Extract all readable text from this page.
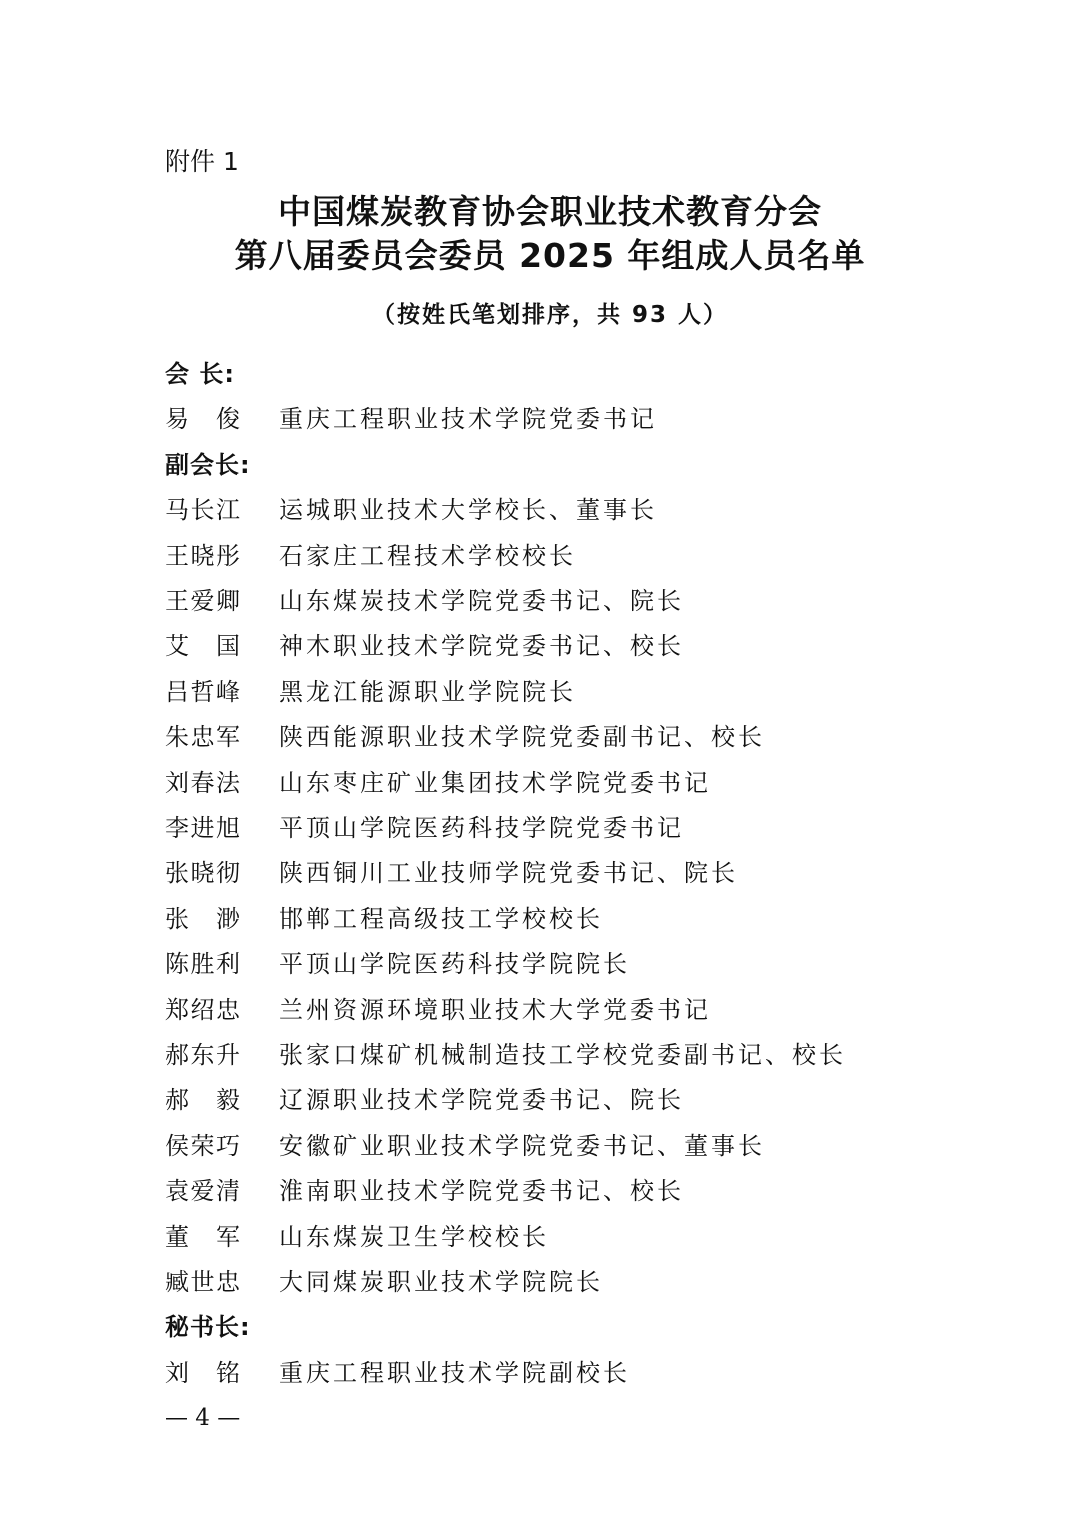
附件 1
中国煤炭教育协会职业技术教育分会
第八届委员会委员 2025 年组成人员名单
（按姓氏笔划排序，共 93 人）
会 长:
易 俊 重庆工程职业技术学院党委书记
副会长:
马长江 运城职业技术大学校长、董事长
王晓彤 石家庄工程技术学校校长
王爱卿 山东煤炭技术学院党委书记、院长
艾 国 神木职业技术学院党委书记、校长
吕哲峰 黑龙江能源职业学院院长
朱忠军 陕西能源职业技术学院党委副书记、校长
刘春法 山东枣庄矿业集团技术学院党委书记
李进旭 平顶山学院医药科技学院党委书记
张晓彻 陕西铜川工业技师学院党委书记、院长
张 渺 邯郸工程高级技工学校校长
陈胜利 平顶山学院医药科技学院院长
郑绍忠 兰州资源环境职业技术大学党委书记
郝东升 张家口煤矿机械制造技工学校党委副书记、校长
郝 毅 辽源职业技术学院党委书记、院长
侯荣巧 安徽矿业职业技术学院党委书记、董事长
袁爱清 淮南职业技术学院党委书记、校长
董 军 山东煤炭卫生学校校长
臧世忠 大同煤炭职业技术学院院长
秘书长:
刘 铭 重庆工程职业技术学院副校长
— 4 —
